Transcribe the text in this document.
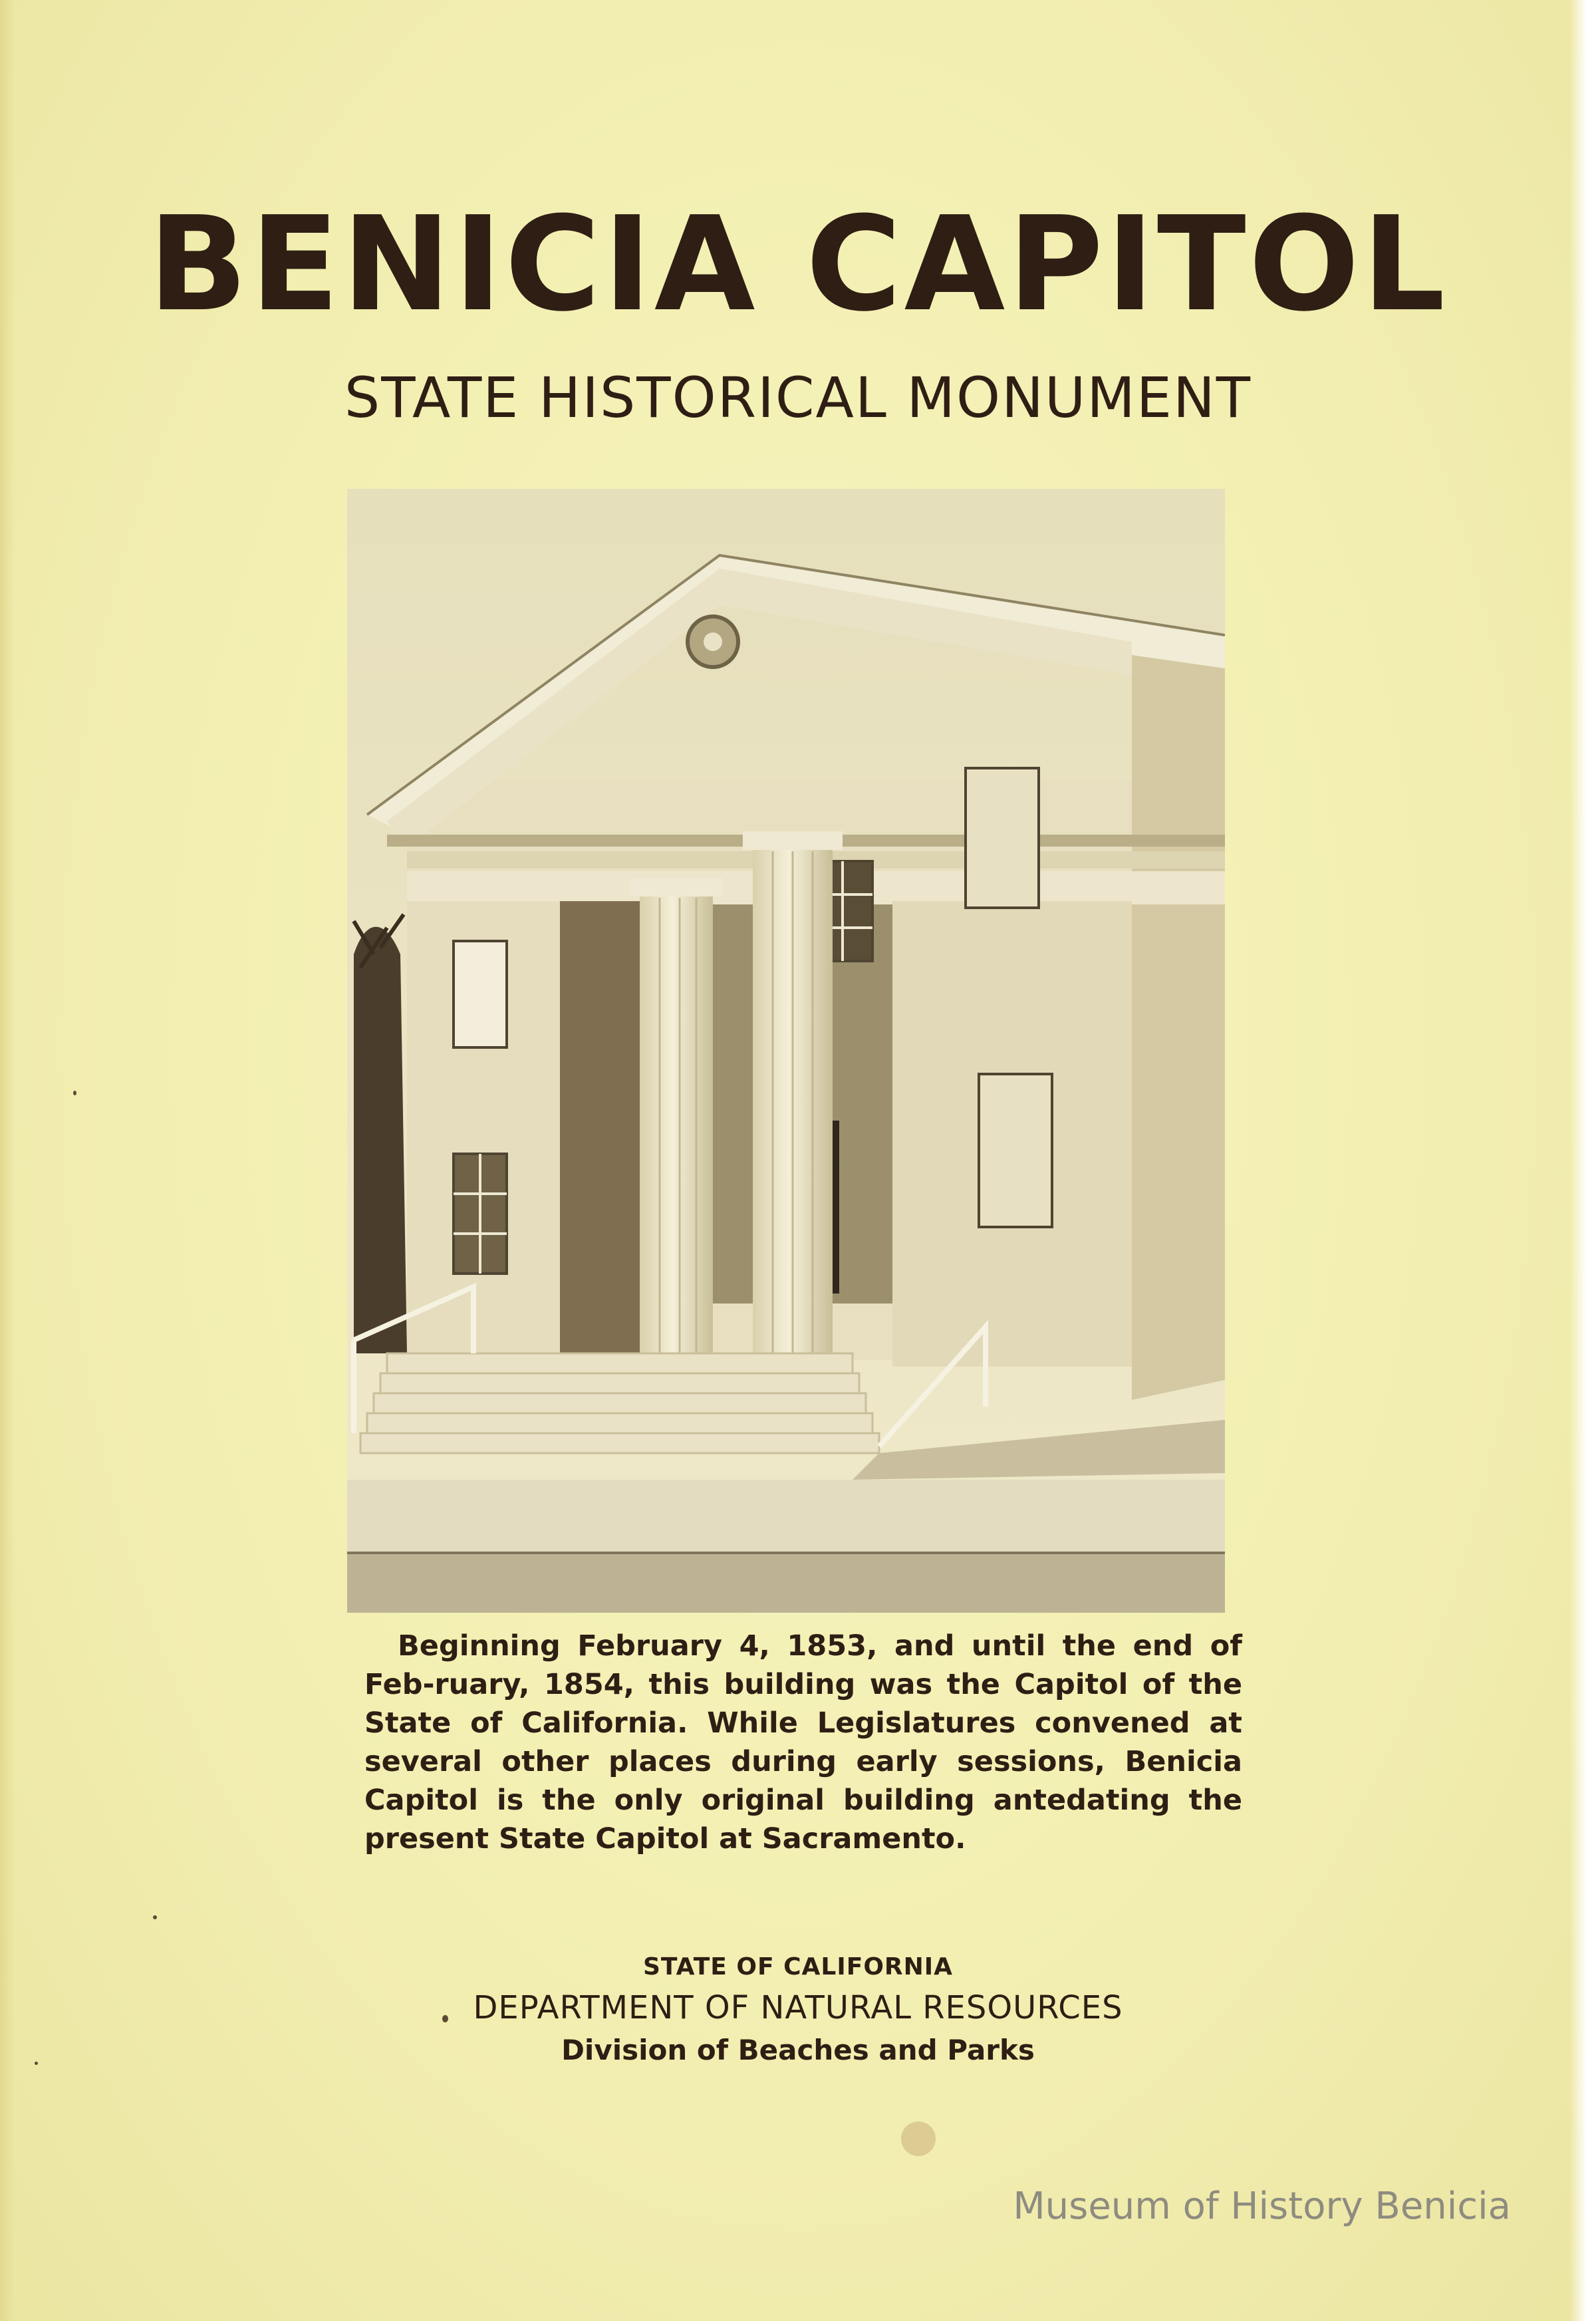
BENICIA CAPITOL
STATE HISTORICAL MONUMENT

Beginning February 4, 1853, and until the end of Feb-ruary, 1854, this building was the Capitol of the State of California. While Legislatures convened at several other places during early sessions, Benicia Capitol is the only original building antedating the present State Capitol at Sacramento.

STATE OF CALIFORNIA
DEPARTMENT OF NATURAL RESOURCES
Division of Beaches and Parks
Museum of History Benicia
